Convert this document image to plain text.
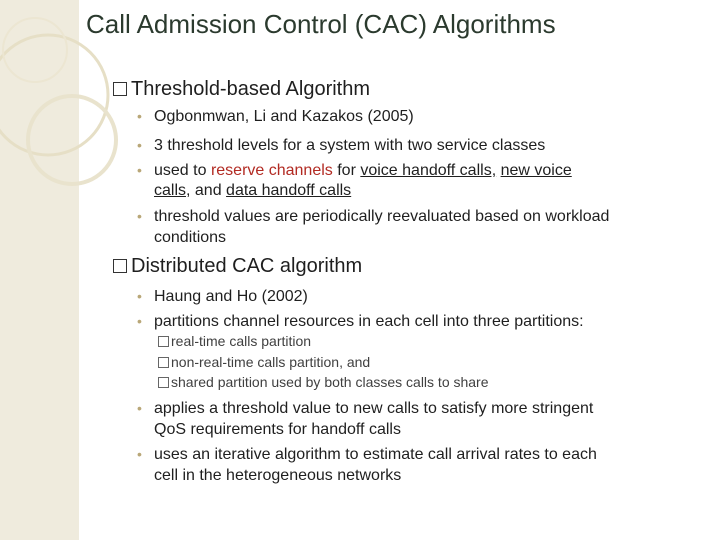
Call Admission Control (CAC) Algorithms
Threshold-based Algorithm
• Ogbonmwan, Li and Kazakos (2005)
• 3 threshold levels for a system with two service classes
• used to reserve channels for voice handoff calls, new voice
calls, and data handoff calls
• threshold values are periodically reevaluated based on workload
conditions
Distributed CAC algorithm
• Haung and Ho (2002)
• partitions channel resources in each cell into three partitions:
real-time calls partition
non-real-time calls partition, and
shared partition used by both classes calls to share
• applies a threshold value to new calls to satisfy more stringent
QoS requirements for handoff calls
• uses an iterative algorithm to estimate call arrival rates to each
cell in the heterogeneous networks
